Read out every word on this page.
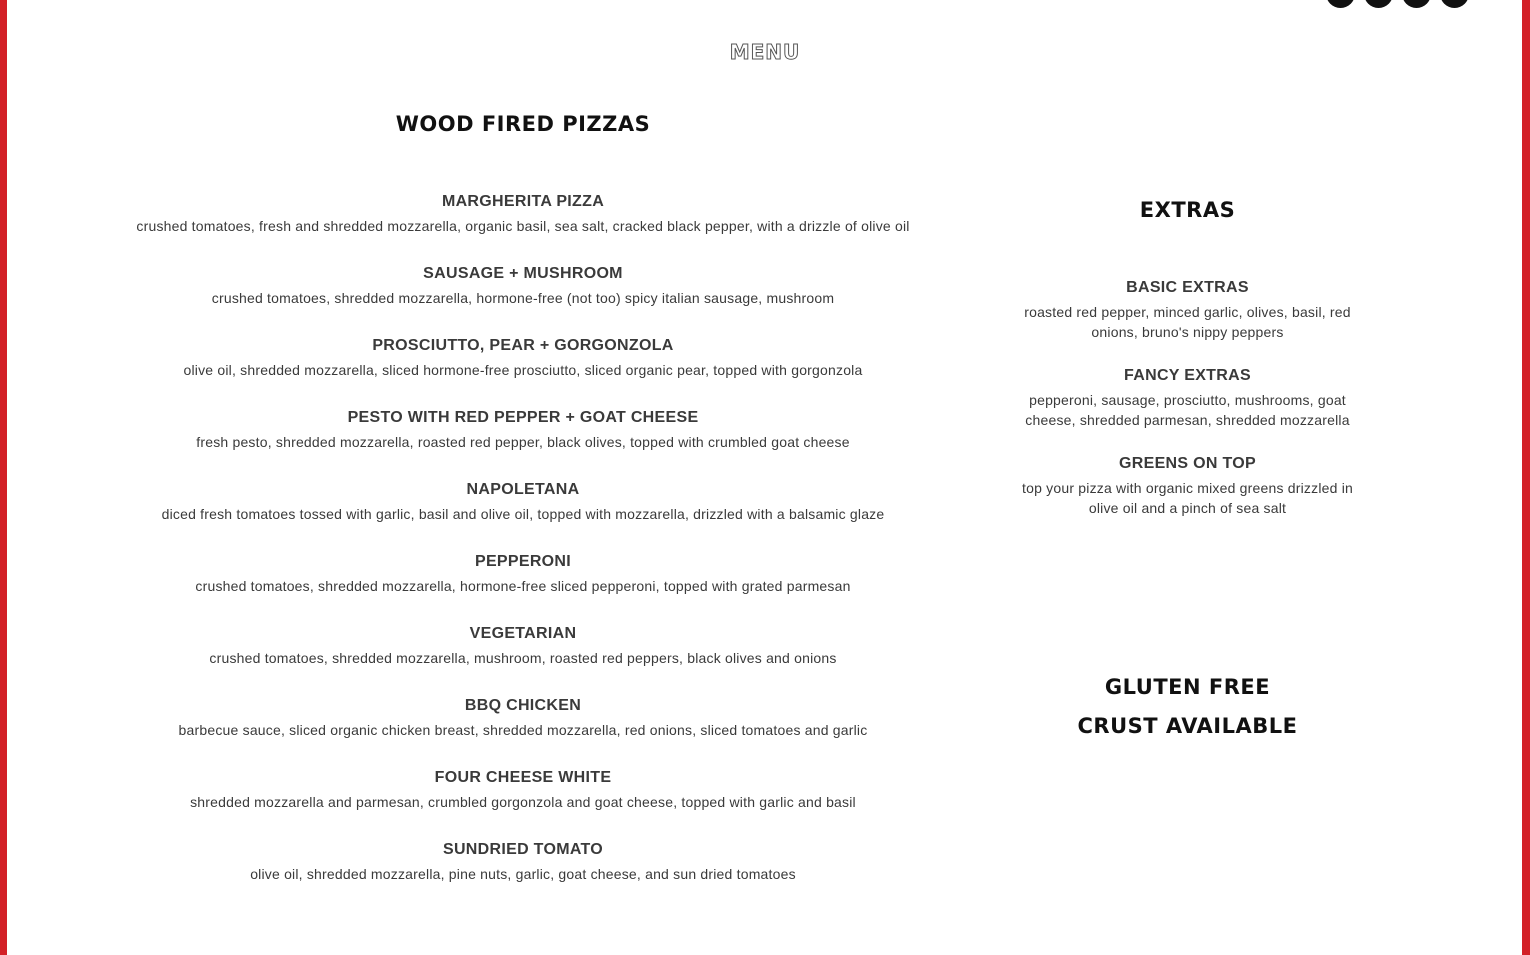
MENU
WOOD FIRED PIZZAS

MARGHERITA PIZZA

crushed tomatoes, fresh and shredded mozzarella, organic basil, sea salt, cracked black pepper, with a drizzle of olive oil

SAUSAGE + MUSHROOM

crushed tomatoes, shredded mozzarella, hormone-free (not too) spicy italian sausage, mushroom

PROSCIUTTO, PEAR + GORGONZOLA

olive oil, shredded mozzarella, sliced hormone-free prosciutto, sliced organic pear, topped with gorgonzola

PESTO WITH RED PEPPER + GOAT CHEESE

fresh pesto, shredded mozzarella, roasted red pepper, black olives, topped with crumbled goat cheese

NAPOLETANA

diced fresh tomatoes tossed with garlic, basil and olive oil, topped with mozzarella, drizzled with a balsamic glaze

PEPPERONI

crushed tomatoes, shredded mozzarella, hormone-free sliced pepperoni, topped with grated parmesan

VEGETARIAN

crushed tomatoes, shredded mozzarella, mushroom, roasted red peppers, black olives and onions

BBQ CHICKEN

barbecue sauce, sliced organic chicken breast, shredded mozzarella, red onions, sliced tomatoes and garlic

FOUR CHEESE WHITE

shredded mozzarella and parmesan, crumbled gorgonzola and goat cheese, topped with garlic and basil

SUNDRIED TOMATO

olive oil, shredded mozzarella, pine nuts, garlic, goat cheese, and sun dried tomatoes

EXTRAS

BASIC EXTRAS

roasted red pepper, minced garlic, olives, basil, red onions, bruno's nippy peppers

FANCY EXTRAS

pepperoni, sausage, prosciutto, mushrooms, goat cheese, shredded parmesan, shredded mozzarella

GREENS ON TOP

top your pizza with organic mixed greens drizzled in olive oil and a pinch of sea salt

GLUTEN FREE
CRUST AVAILABLE
